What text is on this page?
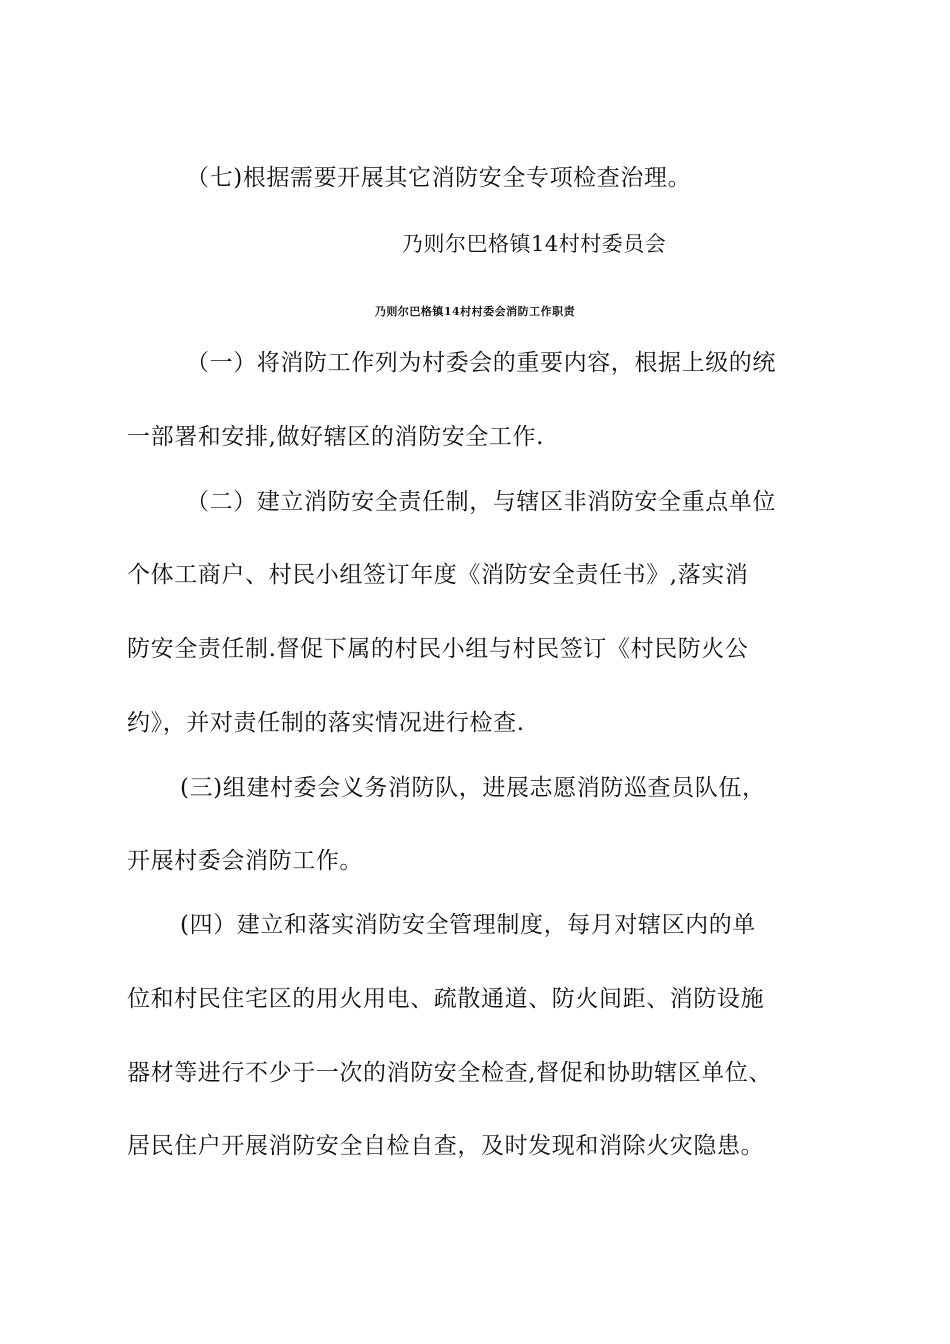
（七)根据需要开展其它消防安全专项检查治理。
乃则尔巴格镇14村村委员会
乃则尔巴格镇14村村委会消防工作职责
（一）将消防工作列为村委会的重要内容，根据上级的统
一部署和安排,做好辖区的消防安全工作.
（二）建立消防安全责任制，与辖区非消防安全重点单位
个体工商户、村民小组签订年度《消防安全责任书》,落实消
防安全责任制.督促下属的村民小组与村民签订《村民防火公
约》，并对责任制的落实情况进行检查.
(三)组建村委会义务消防队，进展志愿消防巡查员队伍，
开展村委会消防工作。
(四）建立和落实消防安全管理制度，每月对辖区内的单
位和村民住宅区的用火用电、疏散通道、防火间距、消防设施
器材等进行不少于一次的消防安全检查,督促和协助辖区单位、
居民住户开展消防安全自检自查，及时发现和消除火灾隐患。
